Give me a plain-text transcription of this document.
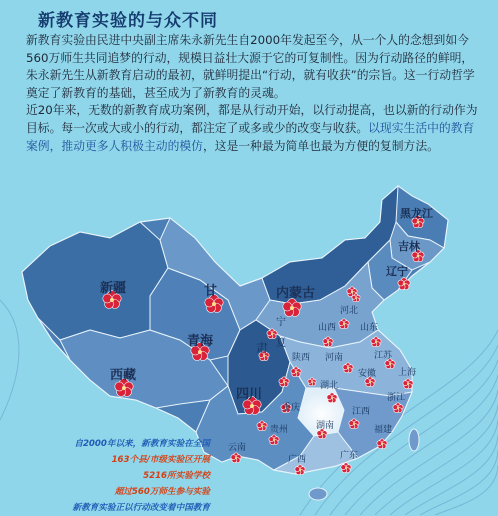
新疆
西藏
青海
甘	内蒙古
黑龙江
吉林
四川
辽宁
宁
夏
肃
陕西
山西
河北
河南
山东
江苏
安徽
湖北
上海
浙江
湖南
江西
福建
云南
贵州
广西	广东
重庆
新教育实验的与众不同

新教育实验由民进中央副主席朱永新先生自2000年发起至今，从一个人的念想到如今560万师生共同追梦的行动，规模日益壮大源于它的可复制性。因为行动路径的鲜明，朱永新先生从新教育启动的最初，就鲜明提出“行动，就有收获”的宗旨。这一行动哲学奠定了新教育的基础，甚至成为了新教育的灵魂。

近20年来，无数的新教育成功案例，都是从行动开始，以行动提高，也以新的行动作为目标。每一次或大或小的行动，都注定了或多或少的改变与收获。以现实生活中的教育案例，推动更多人积极主动的模仿，这是一种最为简单也最为方便的复制方法。

自2000年以来，新教育实验在全国
163个县/市级实验区开展
5216所实验学校
超过560万师生参与实验
新教育实验正以行动改变着中国教育
